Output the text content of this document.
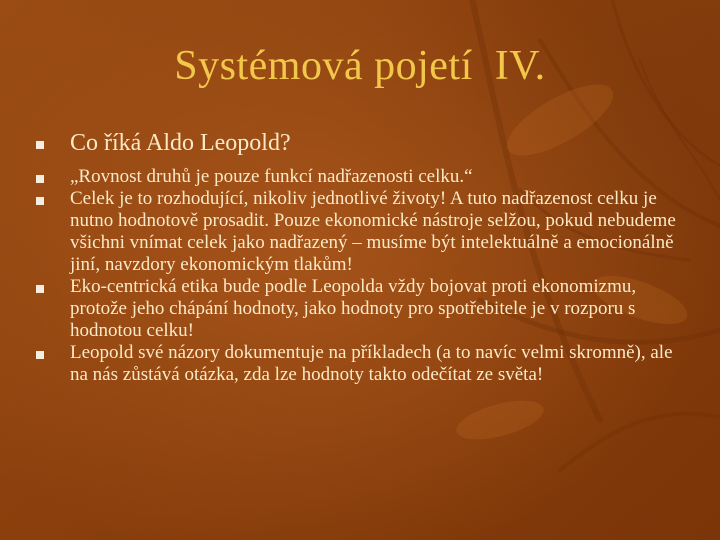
Systémová pojetí  IV.
Co říká Aldo Leopold?
„Rovnost druhů je pouze funkcí nadřazenosti celku.“
Celek je to rozhodující, nikoliv jednotlivé životy! A tuto nadřazenost celku je nutno hodnotově prosadit. Pouze ekonomické nástroje selžou, pokud nebudeme všichni vnímat celek jako nadřazený – musíme být intelektuálně a emocionálně jiní, navzdory ekonomickým tlakům!
Eko-centrická etika bude podle Leopolda vždy bojovat proti ekonomizmu, protože jeho chápání hodnoty, jako hodnoty pro spotřebitele je v rozporu s hodnotou celku!
Leopold své názory dokumentuje na příkladech (a to navíc velmi skromně), ale na nás zůstává otázka, zda lze hodnoty takto odečítat ze světa!
